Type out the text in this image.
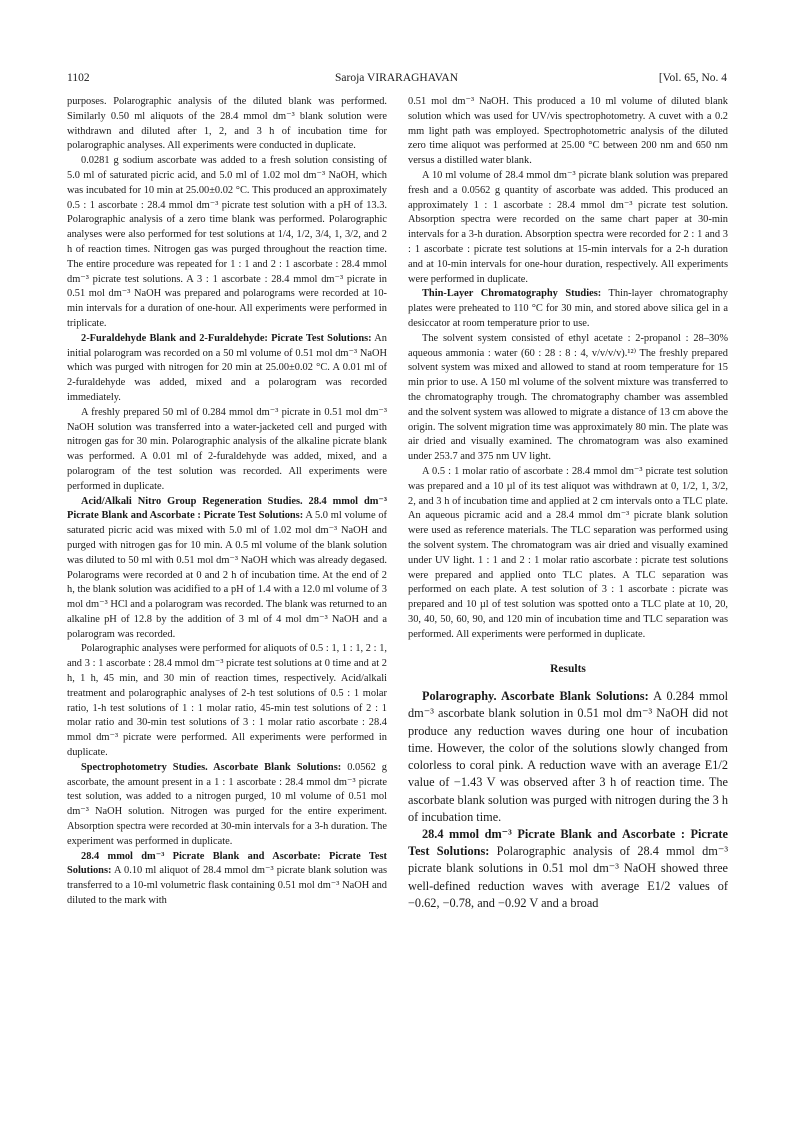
1102	Saroja VIRARAGHAVAN	[Vol. 65, No. 4

purposes. Polarographic analysis of the diluted blank was performed. Similarly 0.50 ml aliquots of the 28.4 mmol dm⁻³ blank solution were withdrawn and diluted after 1, 2, and 3 h of incubation time for polarographic analyses. All experiments were conducted in duplicate.

0.0281 g sodium ascorbate was added to a fresh solution consisting of 5.0 ml of saturated picric acid, and 5.0 ml of 1.02 mol dm⁻³ NaOH, which was incubated for 10 min at 25.00±0.02 °C. This produced an approximately 0.5 : 1 ascorbate : 28.4 mmol dm⁻³ picrate test solution with a pH of 13.3. Polarographic analysis of a zero time blank was performed. Polarographic analyses were also performed for test solutions at 1/4, 1/2, 3/4, 1, 3/2, and 2 h of reaction times. Nitrogen gas was purged throughout the reaction time. The entire procedure was repeated for 1 : 1 and 2 : 1 ascorbate : 28.4 mmol dm⁻³ picrate test solutions. A 3 : 1 ascorbate : 28.4 mmol dm⁻³ picrate in 0.51 mol dm⁻³ NaOH was prepared and polarograms were recorded at 10-min intervals for a duration of one-hour. All experiments were performed in triplicate.

2-Furaldehyde Blank and 2-Furaldehyde: Picrate Test Solutions: An initial polarogram was recorded on a 50 ml volume of 0.51 mol dm⁻³ NaOH which was purged with nitrogen for 20 min at 25.00±0.02 °C. A 0.01 ml of 2-furaldehyde was added, mixed and a polarogram was recorded immediately.

A freshly prepared 50 ml of 0.284 mmol dm⁻³ picrate in 0.51 mol dm⁻³ NaOH solution was transferred into a water-jacketed cell and purged with nitrogen gas for 30 min. Polarographic analysis of the alkaline picrate blank was performed. A 0.01 ml of 2-furaldehyde was added, mixed, and a polarogram of the test solution was recorded. All experiments were performed in duplicate.

Acid/Alkali Nitro Group Regeneration Studies. 28.4 mmol dm⁻³ Picrate Blank and Ascorbate : Picrate Test Solutions: A 5.0 ml volume of saturated picric acid was mixed with 5.0 ml of 1.02 mol dm⁻³ NaOH and purged with nitrogen gas for 10 min. A 0.5 ml volume of the blank solution was diluted to 50 ml with 0.51 mol dm⁻³ NaOH which was already degased. Polarograms were recorded at 0 and 2 h of incubation time. At the end of 2 h, the blank solution was acidified to a pH of 1.4 with a 12.0 ml volume of 3 mol dm⁻³ HCl and a polarogram was recorded. The blank was returned to an alkaline pH of 12.8 by the addition of 3 ml of 4 mol dm⁻³ NaOH and a polarogram was recorded.

Polarographic analyses were performed for aliquots of 0.5 : 1, 1 : 1, 2 : 1, and 3 : 1 ascorbate : 28.4 mmol dm⁻³ picrate test solutions at 0 time and at 2 h, 1 h, 45 min, and 30 min of reaction times, respectively. Acid/alkali treatment and polarographic analyses of 2-h test solutions of 0.5 : 1 molar ratio, 1-h test solutions of 1 : 1 molar ratio, 45-min test solutions of 2 : 1 molar ratio and 30-min test solutions of 3 : 1 molar ratio ascorbate : 28.4 mmol dm⁻³ picrate were performed. All experiments were performed in duplicate.

Spectrophotometry Studies. Ascorbate Blank Solutions: 0.0562 g ascorbate, the amount present in a 1 : 1 ascorbate : 28.4 mmol dm⁻³ picrate test solution, was added to a nitrogen purged, 10 ml volume of 0.51 mol dm⁻³ NaOH solution. Nitrogen was purged for the entire experiment. Absorption spectra were recorded at 30-min intervals for a 3-h duration. The experiment was performed in duplicate.

28.4 mmol dm⁻³ Picrate Blank and Ascorbate: Picrate Test Solutions: A 0.10 ml aliquot of 28.4 mmol dm⁻³ picrate blank solution was transferred to a 10-ml volumetric flask containing 0.51 mol dm⁻³ NaOH and diluted to the mark with

0.51 mol dm⁻³ NaOH. This produced a 10 ml volume of diluted blank solution which was used for UV/vis spectrophotometry. A cuvet with a 0.2 mm light path was employed. Spectrophotometric analysis of the diluted zero time aliquot was performed at 25.00 °C between 200 nm and 650 nm versus a distilled water blank.

A 10 ml volume of 28.4 mmol dm⁻³ picrate blank solution was prepared fresh and a 0.0562 g quantity of ascorbate was added. This produced an approximately 1 : 1 ascorbate : 28.4 mmol dm⁻³ picrate test solution. Absorption spectra were recorded on the same chart paper at 30-min intervals for a 3-h duration. Absorption spectra were recorded for 2 : 1 and 3 : 1 ascorbate : picrate test solutions at 15-min intervals for a 2-h duration and at 10-min intervals for one-hour duration, respectively. All experiments were performed in duplicate.

Thin-Layer Chromatography Studies: Thin-layer chromatography plates were preheated to 110 °C for 30 min, and stored above silica gel in a desiccator at room temperature prior to use.

The solvent system consisted of ethyl acetate : 2-propanol : 28–30% aqueous ammonia : water (60 : 28 : 8 : 4, v/v/v/v).¹²⁾ The freshly prepared solvent system was mixed and allowed to stand at room temperature for 15 min prior to use. A 150 ml volume of the solvent mixture was transferred to the chromatography trough. The chromatography chamber was assembled and the solvent system was allowed to migrate a distance of 13 cm above the origin. The solvent migration time was approximately 80 min. The plate was air dried and visually examined. The chromatogram was also examined under 253.7 and 375 nm UV light.

A 0.5 : 1 molar ratio of ascorbate : 28.4 mmol dm⁻³ picrate test solution was prepared and a 10 µl of its test aliquot was withdrawn at 0, 1/2, 1, 3/2, 2, and 3 h of incubation time and applied at 2 cm intervals onto a TLC plate. An aqueous picramic acid and a 28.4 mmol dm⁻³ picrate blank solution were used as reference materials. The TLC separation was performed using the solvent system. The chromatogram was air dried and visually examined under UV light. 1 : 1 and 2 : 1 molar ratio ascorbate : picrate test solutions were prepared and applied onto TLC plates. A TLC separation was performed on each plate. A test solution of 3 : 1 ascorbate : picrate was prepared and 10 µl of test solution was spotted onto a TLC plate at 10, 20, 30, 40, 50, 60, 90, and 120 min of incubation time and TLC separation was performed. All experiments were performed in duplicate.

Results

Polarography. Ascorbate Blank Solutions: A 0.284 mmol dm⁻³ ascorbate blank solution in 0.51 mol dm⁻³ NaOH did not produce any reduction waves during one hour of incubation time. However, the color of the solutions slowly changed from colorless to coral pink. A reduction wave with an average E1/2 value of −1.43 V was observed after 3 h of reaction time. The ascorbate blank solution was purged with nitrogen during the 3 h of incubation time.

28.4 mmol dm⁻³ Picrate Blank and Ascorbate : Picrate Test Solutions: Polarographic analysis of 28.4 mmol dm⁻³ picrate blank solutions in 0.51 mol dm⁻³ NaOH showed three well-defined reduction waves with average E1/2 values of −0.62, −0.78, and −0.92 V and a broad
